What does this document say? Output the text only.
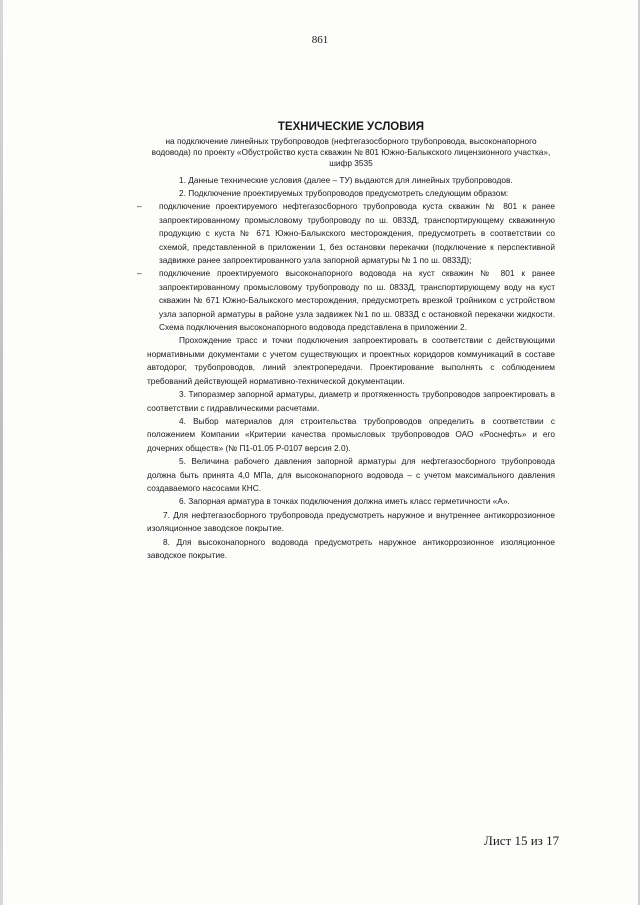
861
ТЕХНИЧЕСКИЕ УСЛОВИЯ
на подключение линейных трубопроводов (нефтегазосборного трубопровода, высоконапорного водовода) по проекту «Обустройство куста скважин № 801 Южно-Балыкского лицензионного участка», шифр 3535

1. Данные технические условия (далее – ТУ) выдаются для линейных трубопроводов.

2. Подключение проектируемых трубопроводов предусмотреть следующим образом:

– подключение проектируемого нефтегазосборного трубопровода куста скважин № 801 к ранее запроектированному промысловому трубопроводу по ш. 0833Д, транспортирующему скважинную продукцию с куста № 671 Южно-Балыкского месторождения, предусмотреть в соответствии со схемой, представленной в приложении 1, без остановки перекачки (подключение к перспективной задвижке ранее запроектированного узла запорной арматуры № 1 по ш. 0833Д);

– подключение проектируемого высоконапорного водовода на куст скважин № 801 к ранее запроектированному промысловому трубопроводу по ш. 0833Д, транспортирующему воду на куст скважин № 671 Южно-Балыкского месторождения, предусмотреть врезкой тройником с устройством узла запорной арматуры в районе узла задвижек №1 по ш. 0833Д с остановкой перекачки жидкости. Схема подключения высоконапорного водовода представлена в приложении 2.

Прохождение трасс и точки подключения запроектировать в соответствии с действующими нормативными документами с учетом существующих и проектных коридоров коммуникаций в составе автодорог, трубопроводов, линий электропередачи. Проектирование выполнять с соблюдением требований действующей нормативно-технической документации.

3. Типоразмер запорной арматуры, диаметр и протяженность трубопроводов запроектировать в соответствии с гидравлическими расчетами.

4. Выбор материалов для строительства трубопроводов определить в соответствии с положением Компании «Критерии качества промысловых трубопроводов ОАО «Роснефть» и его дочерних обществ» (№ П1-01.05 Р-0107 версия 2.0).

5. Величина рабочего давления запорной арматуры для нефтегазосборного трубопровода должна быть принята 4,0 МПа, для высоконапорного водовода – с учетом максимального давления создаваемого насосами КНС.

6. Запорная арматура в точках подключения должна иметь класс герметичности «А».

7. Для нефтегазосборного трубопровода предусмотреть наружное и внутреннее антикоррозионное изоляционное заводское покрытие.

8. Для высоконапорного водовода предусмотреть наружное антикоррозионное изоляционное заводское покрытие.

Лист 15 из 17
